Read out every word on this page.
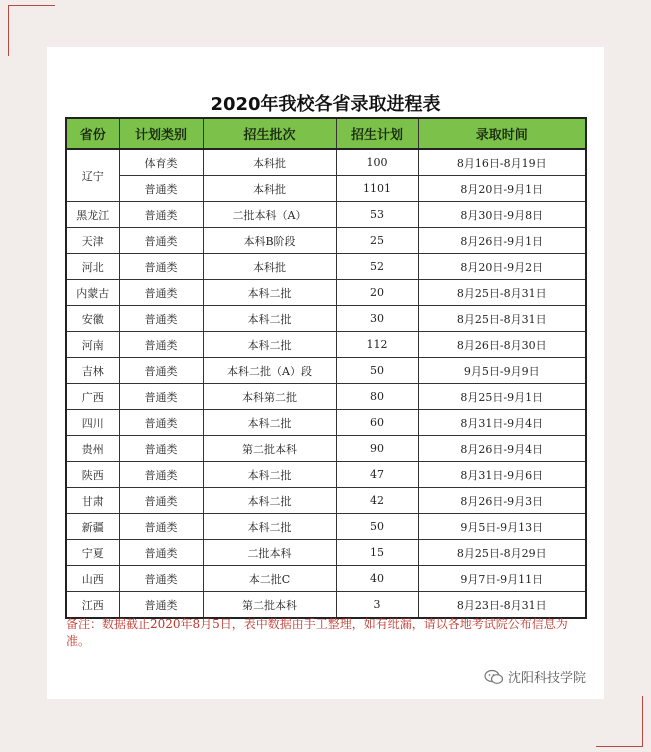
2020年我校各省录取进程表
省份	计划类别	招生批次	招生计划	录取时间
辽宁	体育类	本科批	100	8月16日-8月19日
	普通类	本科批	1101	8月20日-9月1日
黑龙江	普通类	二批本科（A）	53	8月30日-9月8日
天津	普通类	本科B阶段	25	8月26日-9月1日
河北	普通类	本科批	52	8月20日-9月2日
内蒙古	普通类	本科二批	20	8月25日-8月31日
安徽	普通类	本科二批	30	8月25日-8月31日
河南	普通类	本科二批	112	8月26日-8月30日
吉林	普通类	本科二批（A）段	50	9月5日-9月9日
广西	普通类	本科第二批	80	8月25日-9月1日
四川	普通类	本科二批	60	8月31日-9月4日
贵州	普通类	第二批本科	90	8月26日-9月4日
陕西	普通类	本科二批	47	8月31日-9月6日
甘肃	普通类	本科二批	42	8月26日-9月3日
新疆	普通类	本科二批	50	9月5日-9月13日
宁夏	普通类	二批本科	15	8月25日-8月29日
山西	普通类	本二批C	40	9月7日-9月11日
江西	普通类	第二批本科	3	8月23日-8月31日
备注：数据截止2020年8月5日，表中数据由手工整理，如有纰漏，请以各地考试院公布信息为准。
沈阳科技学院
